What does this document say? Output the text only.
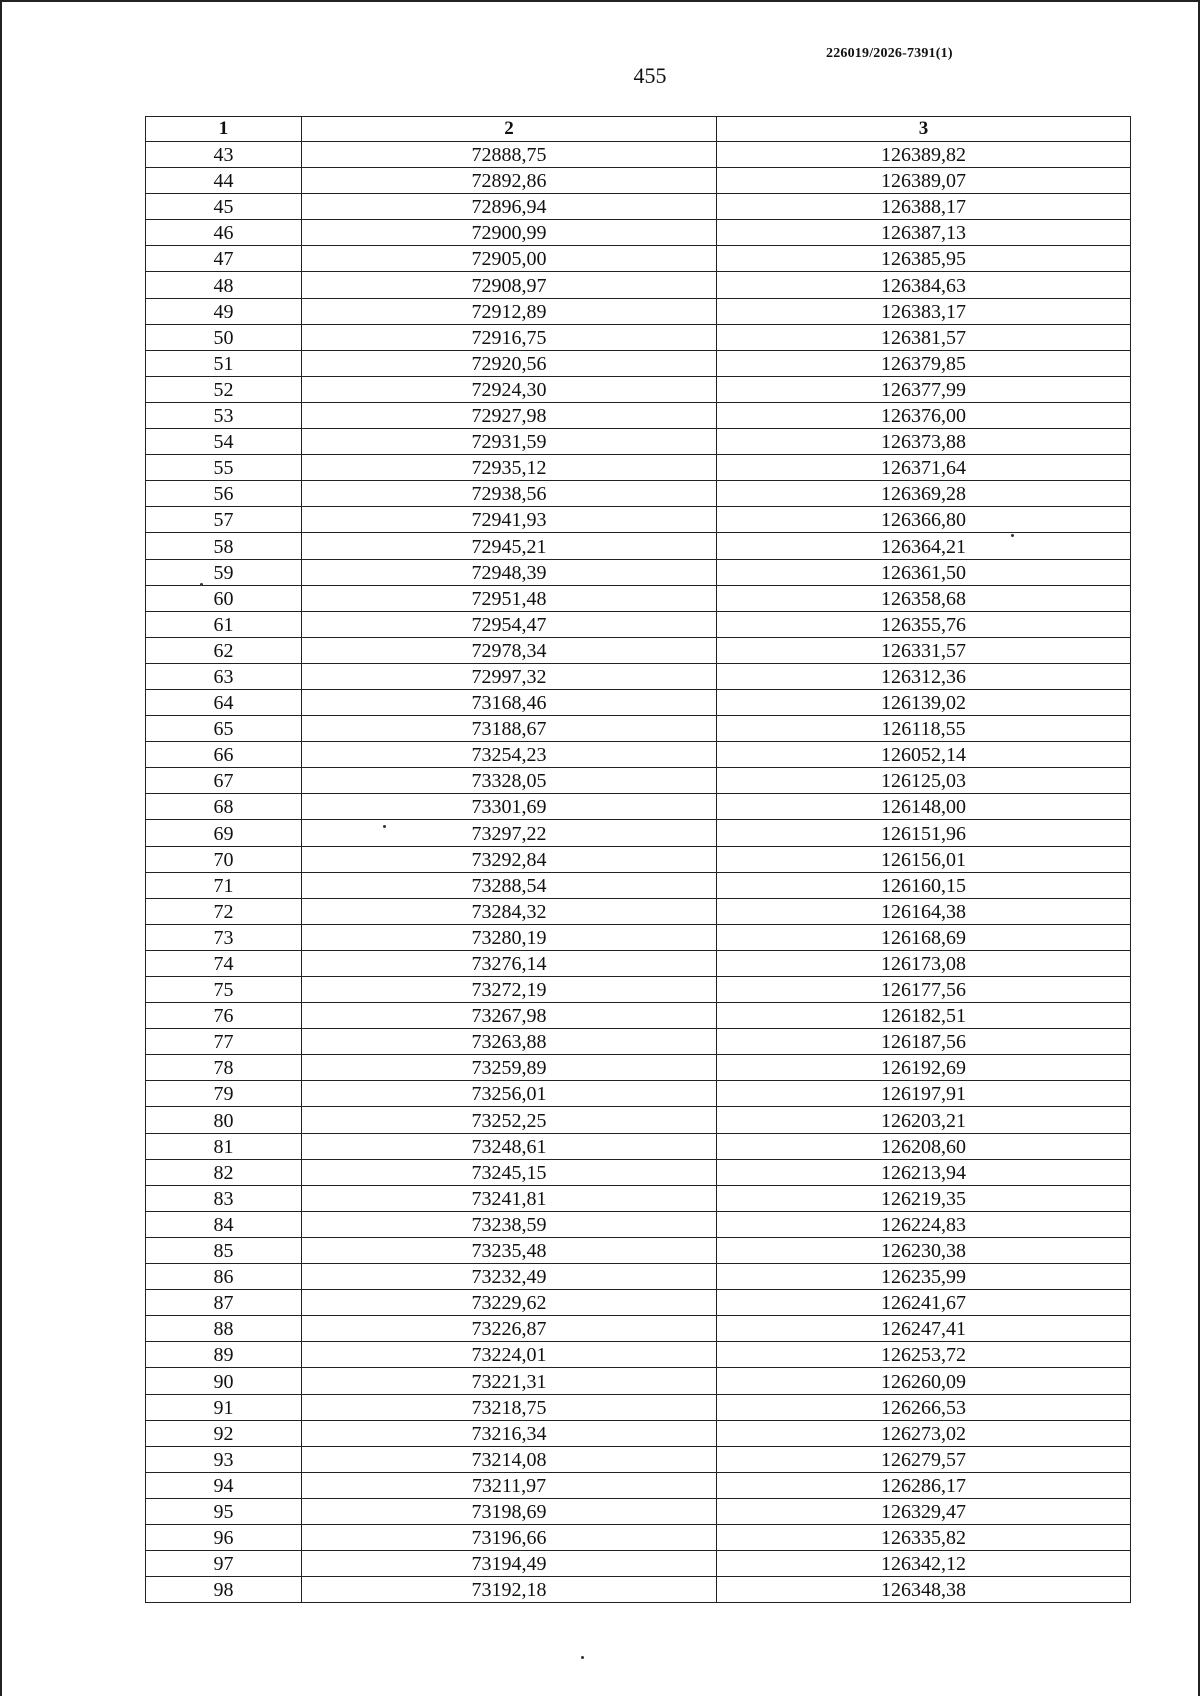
226019/2026-7391(1)
455
1	2	3
43	72888,75	126389,82
44	72892,86	126389,07
45	72896,94	126388,17
46	72900,99	126387,13
47	72905,00	126385,95
48	72908,97	126384,63
49	72912,89	126383,17
50	72916,75	126381,57
51	72920,56	126379,85
52	72924,30	126377,99
53	72927,98	126376,00
54	72931,59	126373,88
55	72935,12	126371,64
56	72938,56	126369,28
57	72941,93	126366,80
58	72945,21	126364,21
59	72948,39	126361,50
60	72951,48	126358,68
61	72954,47	126355,76
62	72978,34	126331,57
63	72997,32	126312,36
64	73168,46	126139,02
65	73188,67	126118,55
66	73254,23	126052,14
67	73328,05	126125,03
68	73301,69	126148,00
69	73297,22	126151,96
70	73292,84	126156,01
71	73288,54	126160,15
72	73284,32	126164,38
73	73280,19	126168,69
74	73276,14	126173,08
75	73272,19	126177,56
76	73267,98	126182,51
77	73263,88	126187,56
78	73259,89	126192,69
79	73256,01	126197,91
80	73252,25	126203,21
81	73248,61	126208,60
82	73245,15	126213,94
83	73241,81	126219,35
84	73238,59	126224,83
85	73235,48	126230,38
86	73232,49	126235,99
87	73229,62	126241,67
88	73226,87	126247,41
89	73224,01	126253,72
90	73221,31	126260,09
91	73218,75	126266,53
92	73216,34	126273,02
93	73214,08	126279,57
94	73211,97	126286,17
95	73198,69	126329,47
96	73196,66	126335,82
97	73194,49	126342,12
98	73192,18	126348,38
